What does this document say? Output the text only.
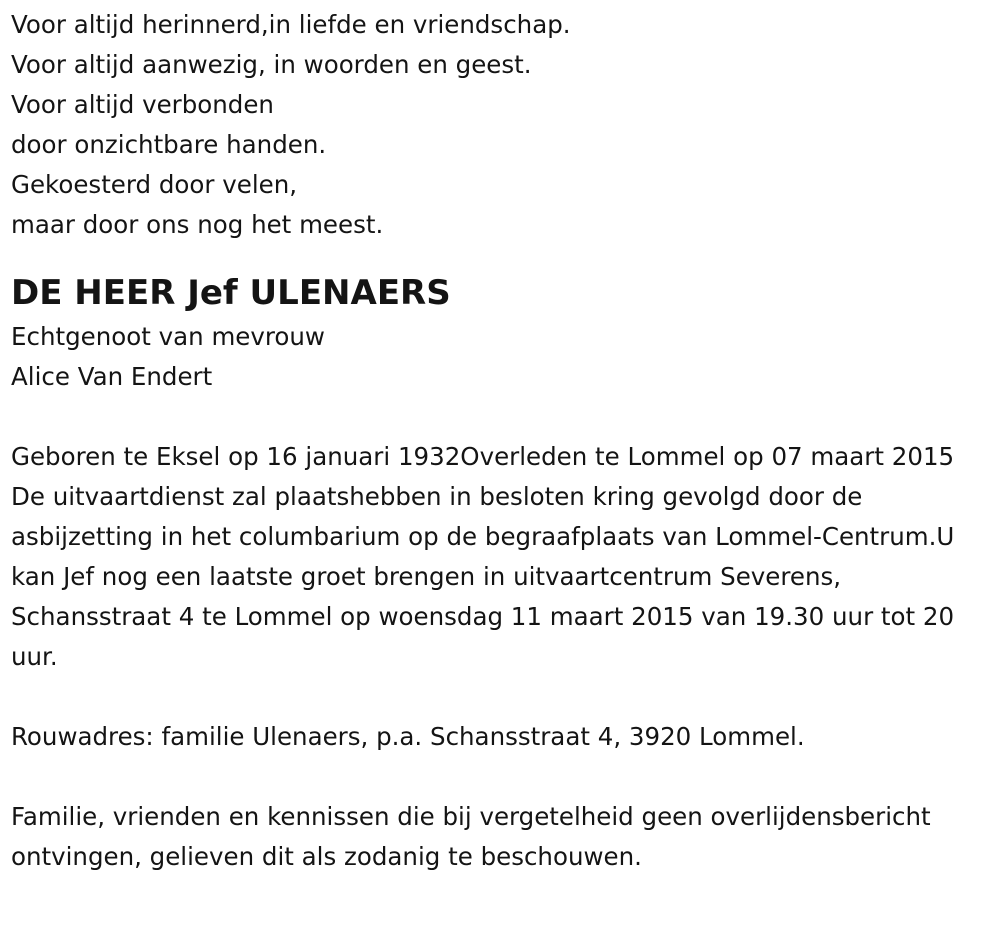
Voor altijd herinnerd,in liefde en vriendschap.
Voor altijd aanwezig, in woorden en geest.
Voor altijd verbonden
door onzichtbare handen.
Gekoesterd door velen,
maar door ons nog het meest.
DE HEER Jef ULENAERS
Echtgenoot van mevrouw
Alice Van Endert

Geboren te Eksel op 16 januari 1932Overleden te Lommel op 07 maart 2015

De uitvaartdienst zal plaatshebben in besloten kring gevolgd door de asbijzetting in het columbarium op de begraafplaats van Lommel-Centrum.U kan Jef nog een laatste groet brengen in uitvaartcentrum Severens, Schansstraat 4 te Lommel op woensdag 11 maart 2015 van 19.30 uur tot 20 uur.

Rouwadres: familie Ulenaers, p.a. Schansstraat 4, 3920 Lommel.

Familie, vrienden en kennissen die bij vergetelheid geen overlijdensbericht ontvingen, gelieven dit als zodanig te beschouwen.
